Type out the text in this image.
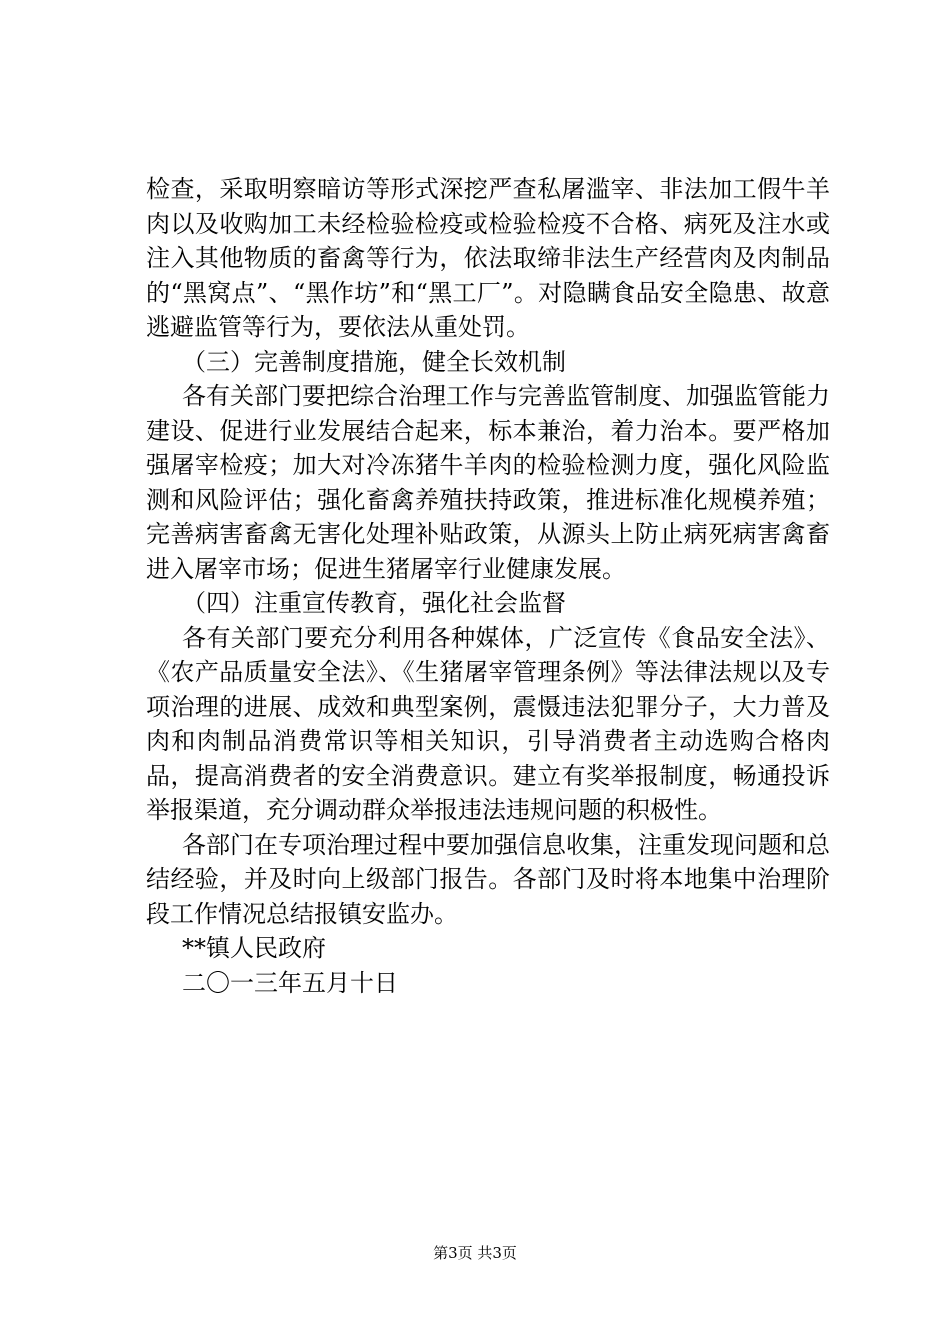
检查，采取明察暗访等形式深挖严查私屠滥宰、非法加工假牛羊肉以及收购加工未经检验检疫或检验检疫不合格、病死及注水或注入其他物质的畜禽等行为，依法取缔非法生产经营肉及肉制品的“黑窝点”、“黑作坊”和“黑工厂”。对隐瞒食品安全隐患、故意逃避监管等行为，要依法从重处罚。

（三）完善制度措施，健全长效机制

各有关部门要把综合治理工作与完善监管制度、加强监管能力建设、促进行业发展结合起来，标本兼治，着力治本。要严格加强屠宰检疫；加大对冷冻猪牛羊肉的检验检测力度，强化风险监测和风险评估；强化畜禽养殖扶持政策，推进标准化规模养殖；完善病害畜禽无害化处理补贴政策，从源头上防止病死病害禽畜进入屠宰市场；促进生猪屠宰行业健康发展。

（四）注重宣传教育，强化社会监督

各有关部门要充分利用各种媒体，广泛宣传《食品安全法》、《农产品质量安全法》、《生猪屠宰管理条例》等法律法规以及专项治理的进展、成效和典型案例，震慑违法犯罪分子，大力普及肉和肉制品消费常识等相关知识，引导消费者主动选购合格肉品，提高消费者的安全消费意识。建立有奖举报制度，畅通投诉举报渠道，充分调动群众举报违法违规问题的积极性。

各部门在专项治理过程中要加强信息收集，注重发现问题和总结经验，并及时向上级部门报告。各部门及时将本地集中治理阶段工作情况总结报镇安监办。

**镇人民政府

二〇一三年五月十日

第3页 共3页
